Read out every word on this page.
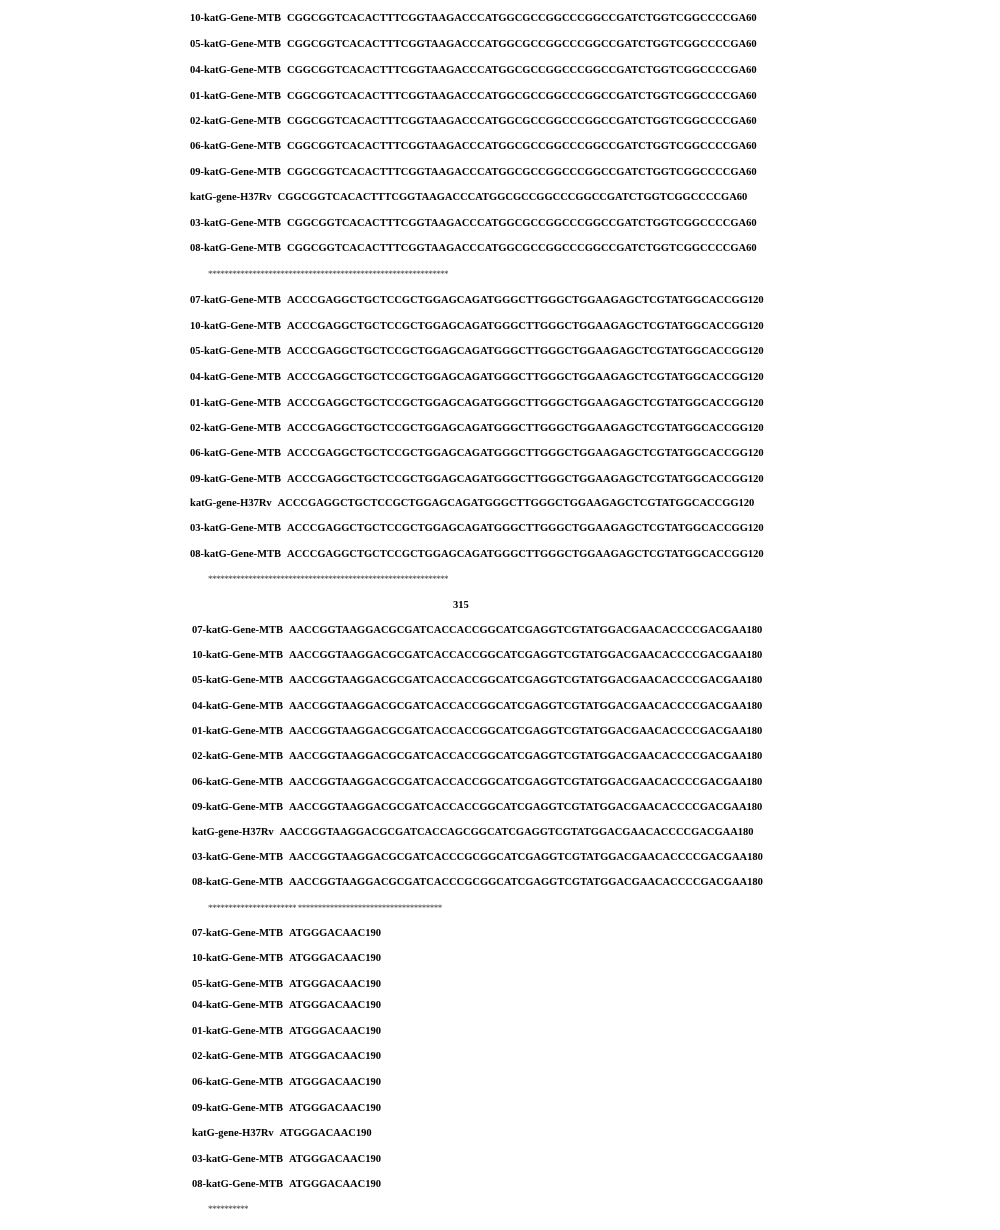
10-katG-Gene-MTB CGGCGGTCACACTTTCGGTAAGACCCATGGCGCCGGCCCGGCCGATCTGGTCGGCCCCGA60
05-katG-Gene-MTB CGGCGGTCACACTTTCGGTAAGACCCATGGCGCCGGCCCGGCCGATCTGGTCGGCCCCGA60
04-katG-Gene-MTB CGGCGGTCACACTTTCGGTAAGACCCATGGCGCCGGCCCGGCCGATCTGGTCGGCCCCGA60
01-katG-Gene-MTB CGGCGGTCACACTTTCGGTAAGACCCATGGCGCCGGCCCGGCCGATCTGGTCGGCCCCGA60
02-katG-Gene-MTB CGGCGGTCACACTTTCGGTAAGACCCATGGCGCCGGCCCGGCCGATCTGGTCGGCCCCGA60
06-katG-Gene-MTB CGGCGGTCACACTTTCGGTAAGACCCATGGCGCCGGCCCGGCCGATCTGGTCGGCCCCGA60
09-katG-Gene-MTB CGGCGGTCACACTTTCGGTAAGACCCATGGCGCCGGCCCGGCCGATCTGGTCGGCCCCGA60
katG-gene-H37Rv CGGCGGTCACACTTTCGGTAAGACCCATGGCGCCGGCCCGGCCGATCTGGTCGGCCCCGA60
03-katG-Gene-MTB CGGCGGTCACACTTTCGGTAAGACCCATGGCGCCGGCCCGGCCGATCTGGTCGGCCCCGA60
08-katG-Gene-MTB CGGCGGTCACACTTTCGGTAAGACCCATGGCGCCGGCCCGGCCGATCTGGTCGGCCCCGA60
************************************************************
07-katG-Gene-MTB ACCCGAGGCTGCTCCGCTGGAGCAGATGGGCTTGGGCTGGAAGAGCTCGTATGGCACCGG120
10-katG-Gene-MTB ACCCGAGGCTGCTCCGCTGGAGCAGATGGGCTTGGGCTGGAAGAGCTCGTATGGCACCGG120
05-katG-Gene-MTB ACCCGAGGCTGCTCCGCTGGAGCAGATGGGCTTGGGCTGGAAGAGCTCGTATGGCACCGG120
04-katG-Gene-MTB ACCCGAGGCTGCTCCGCTGGAGCAGATGGGCTTGGGCTGGAAGAGCTCGTATGGCACCGG120
01-katG-Gene-MTB ACCCGAGGCTGCTCCGCTGGAGCAGATGGGCTTGGGCTGGAAGAGCTCGTATGGCACCGG120
02-katG-Gene-MTB ACCCGAGGCTGCTCCGCTGGAGCAGATGGGCTTGGGCTGGAAGAGCTCGTATGGCACCGG120
06-katG-Gene-MTB ACCCGAGGCTGCTCCGCTGGAGCAGATGGGCTTGGGCTGGAAGAGCTCGTATGGCACCGG120
09-katG-Gene-MTB ACCCGAGGCTGCTCCGCTGGAGCAGATGGGCTTGGGCTGGAAGAGCTCGTATGGCACCGG120
katG-gene-H37Rv ACCCGAGGCTGCTCCGCTGGAGCAGATGGGCTTGGGCTGGAAGAGCTCGTATGGCACCGG120
03-katG-Gene-MTB ACCCGAGGCTGCTCCGCTGGAGCAGATGGGCTTGGGCTGGAAGAGCTCGTATGGCACCGG120
08-katG-Gene-MTB ACCCGAGGCTGCTCCGCTGGAGCAGATGGGCTTGGGCTGGAAGAGCTCGTATGGCACCGG120
************************************************************
315
07-katG-Gene-MTB AACCGGTAAGGACGCGATCACCACCGGCATCGAGGTCGTATGGACGAACACCCCGACGAA180
10-katG-Gene-MTB AACCGGTAAGGACGCGATCACCACCGGCATCGAGGTCGTATGGACGAACACCCCGACGAA180
05-katG-Gene-MTB AACCGGTAAGGACGCGATCACCACCGGCATCGAGGTCGTATGGACGAACACCCCGACGAA180
04-katG-Gene-MTB AACCGGTAAGGACGCGATCACCACCGGCATCGAGGTCGTATGGACGAACACCCCGACGAA180
01-katG-Gene-MTB AACCGGTAAGGACGCGATCACCACCGGCATCGAGGTCGTATGGACGAACACCCCGACGAA180
02-katG-Gene-MTB AACCGGTAAGGACGCGATCACCACCGGCATCGAGGTCGTATGGACGAACACCCCGACGAA180
06-katG-Gene-MTB AACCGGTAAGGACGCGATCACCACCGGCATCGAGGTCGTATGGACGAACACCCCGACGAA180
09-katG-Gene-MTB AACCGGTAAGGACGCGATCACCACCGGCATCGAGGTCGTATGGACGAACACCCCGACGAA180
katG-gene-H37Rv AACCGGTAAGGACGCGATCACCAGCGGCATCGAGGTCGTATGGACGAACACCCCGACGAA180
03-katG-Gene-MTB AACCGGTAAGGACGCGATCACCCGCGGCATCGAGGTCGTATGGACGAACACCCCGACGAA180
08-katG-Gene-MTB AACCGGTAAGGACGCGATCACCCGCGGCATCGAGGTCGTATGGACGAACACCCCGACGAA180
********************** ************************************
07-katG-Gene-MTB ATGGGACAAC190
10-katG-Gene-MTB ATGGGACAAC190
05-katG-Gene-MTB ATGGGACAAC190
04-katG-Gene-MTB ATGGGACAAC190
01-katG-Gene-MTB ATGGGACAAC190
02-katG-Gene-MTB ATGGGACAAC190
06-katG-Gene-MTB ATGGGACAAC190
09-katG-Gene-MTB ATGGGACAAC190
katG-gene-H37Rv ATGGGACAAC190
03-katG-Gene-MTB ATGGGACAAC190
08-katG-Gene-MTB ATGGGACAAC190
**********
